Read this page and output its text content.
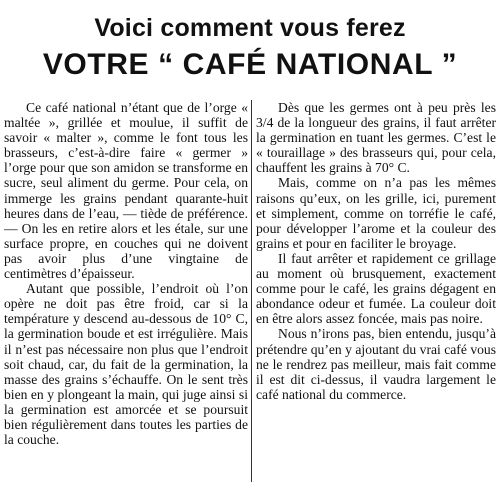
Voici comment vous ferez
VOTRE “ CAFÉ NATIONAL ”

Ce café national n’étant que de l’orge « maltée », grillée et moulue, il suffit de savoir « malter », comme le font tous les brasseurs, c’est-à-dire faire « germer » l’orge pour que son amidon se transforme en sucre, seul aliment du germe. Pour cela, on immerge les grains pendant quarante-huit heures dans de l’eau, — tiède de préférence. — On les en retire alors et les étale, sur une surface propre, en couches qui ne doivent pas avoir plus d’une vingtaine de centimètres d’épaisseur.

Autant que possible, l’endroit où l’on opère ne doit pas être froid, car si la température y descend au-dessous de 10° C, la germination boude et est irrégulière. Mais il n’est pas nécessaire non plus que l’endroit soit chaud, car, du fait de la germination, la masse des grains s’échauffe. On le sent très bien en y plongeant la main, qui juge ainsi si la germination est amorcée et se poursuit bien régulièrement dans toutes les parties de la couche.

Dès que les germes ont à peu près les 3/4 de la longueur des grains, il faut arrêter la germination en tuant les germes. C’est le « touraillage » des brasseurs qui, pour cela, chauffent les grains à 70° C.

Mais, comme on n’a pas les mêmes raisons qu’eux, on les grille, ici, purement et simplement, comme on torréfie le café, pour développer l’arome et la couleur des grains et pour en faciliter le broyage.

Il faut arrêter et rapidement ce grillage au moment où brusquement, exactement comme pour le café, les grains dégagent en abondance odeur et fumée. La couleur doit en être alors assez foncée, mais pas noire.

Nous n’irons pas, bien entendu, jusqu’à prétendre qu’en y ajoutant du vrai café vous ne le rendrez pas meilleur, mais fait comme il est dit ci-dessus, il vaudra largement le café national du commerce.
